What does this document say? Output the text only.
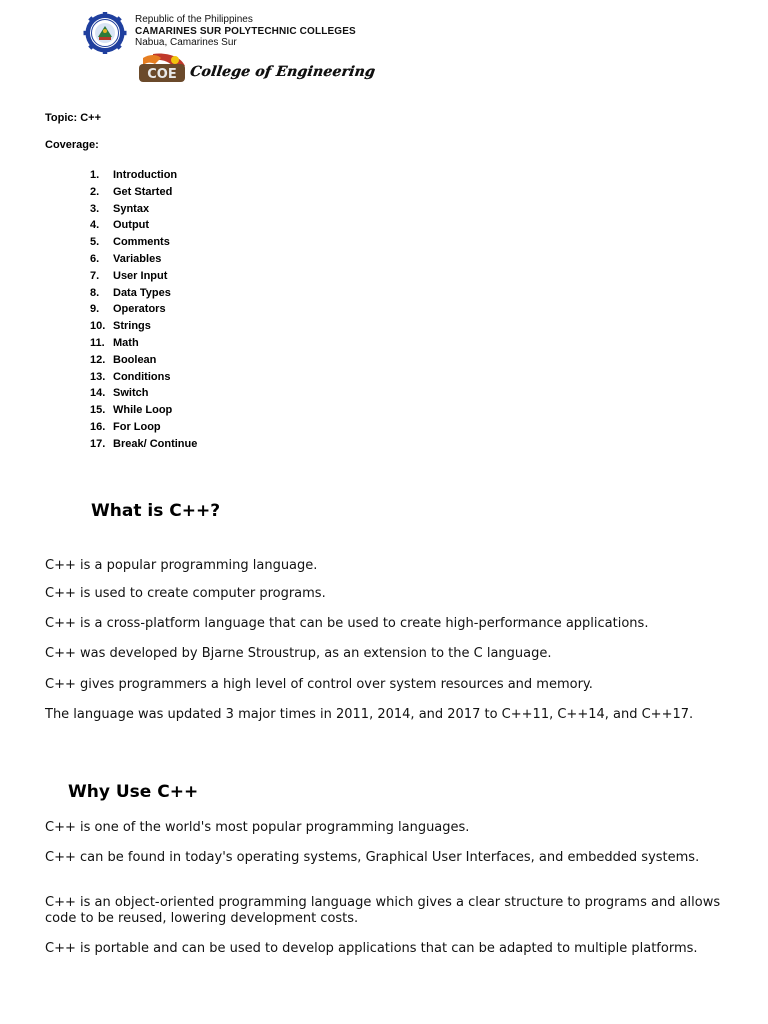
Republic of the Philippines
CAMARINES SUR POLYTECHNIC COLLEGES
Nabua, Camarines Sur
COE College of Engineering
Topic: C++
Coverage:
1.	Introduction
2.	Get Started
3.	Syntax
4.	Output
5.	Comments
6.	Variables
7.	User Input
8.	Data Types
9.	Operators
10. Strings
11. Math
12. Boolean
13. Conditions
14. Switch
15. While Loop
16. For Loop
17. Break/ Continue
What is C++?

C++ is a popular programming language.

C++ is used to create computer programs.

C++ is a cross-platform language that can be used to create high-performance applications.

C++ was developed by Bjarne Stroustrup, as an extension to the C language.

C++ gives programmers a high level of control over system resources and memory.

The language was updated 3 major times in 2011, 2014, and 2017 to C++11, C++14, and C++17.

Why Use C++

C++ is one of the world's most popular programming languages.

C++ can be found in today's operating systems, Graphical User Interfaces, and embedded systems.

C++ is an object-oriented programming language which gives a clear structure to programs and allows code to be reused, lowering development costs.

C++ is portable and can be used to develop applications that can be adapted to multiple platforms.
